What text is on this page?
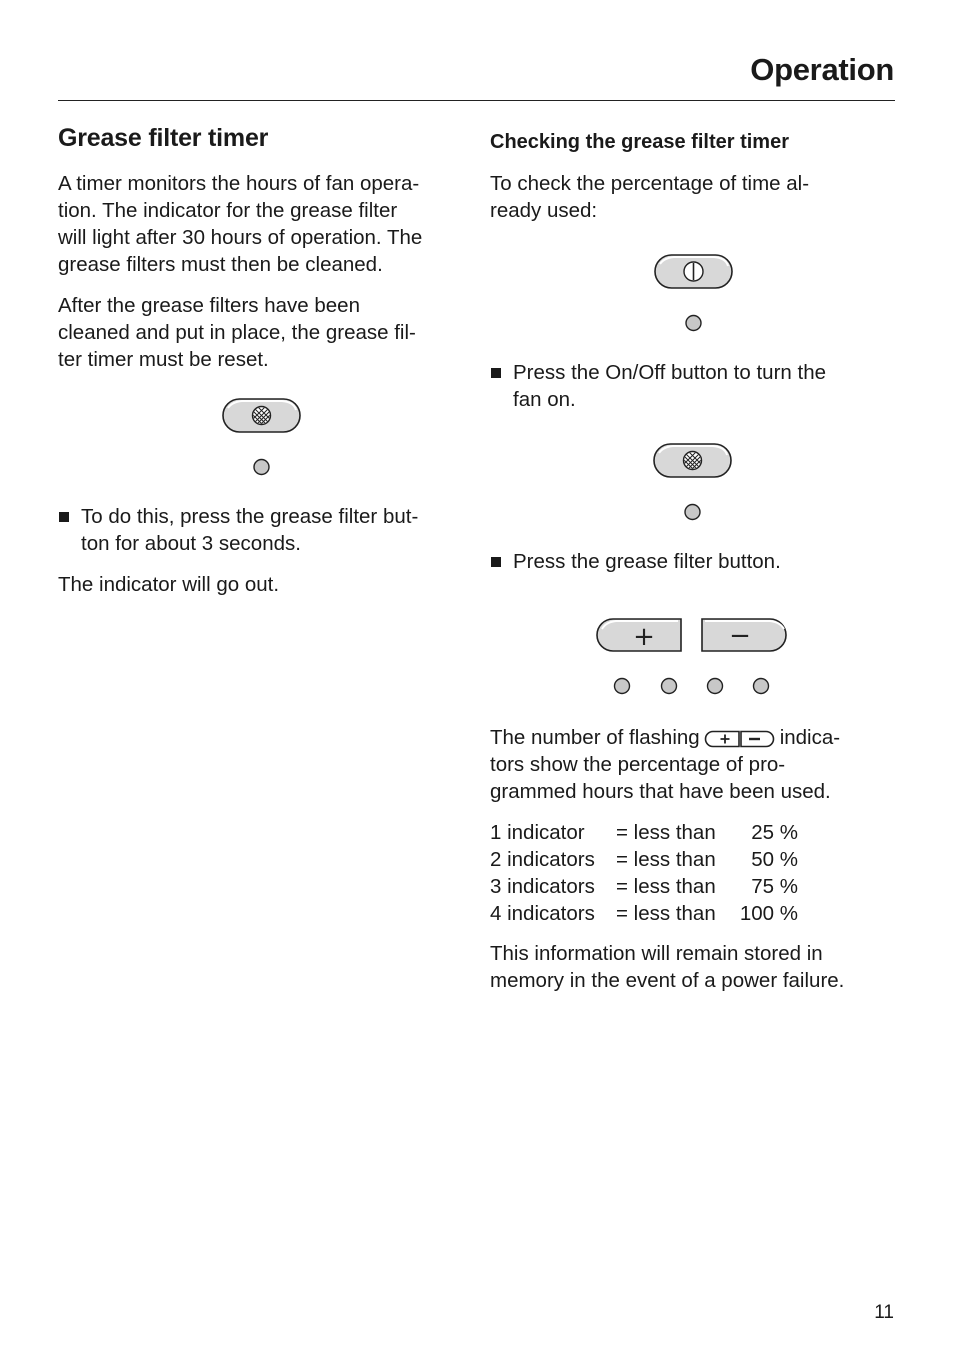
Operation
Grease filter timer

A timer monitors the hours of fan opera-
tion. The indicator for the grease filter
will light after 30 hours of operation. The
grease filters must then be cleaned.

After the grease filters have been
cleaned and put in place, the grease fil-
ter timer must be reset.

To do this, press the grease filter but-
ton for about 3 seconds.

The indicator will go out.

Checking the grease filter timer

To check the percentage of time al-
ready used:

Press the On/Off button to turn the
fan on.

Press the grease filter button.

+	−

The number of flashing	indica-
tors show the percentage of pro-
grammed hours that have been used.

1 indicator = less than 25 %
2 indicators = less than 50 %
3 indicators = less than 75 %
4 indicators = less than 100 %

This information will remain stored in
memory in the event of a power failure.

11
